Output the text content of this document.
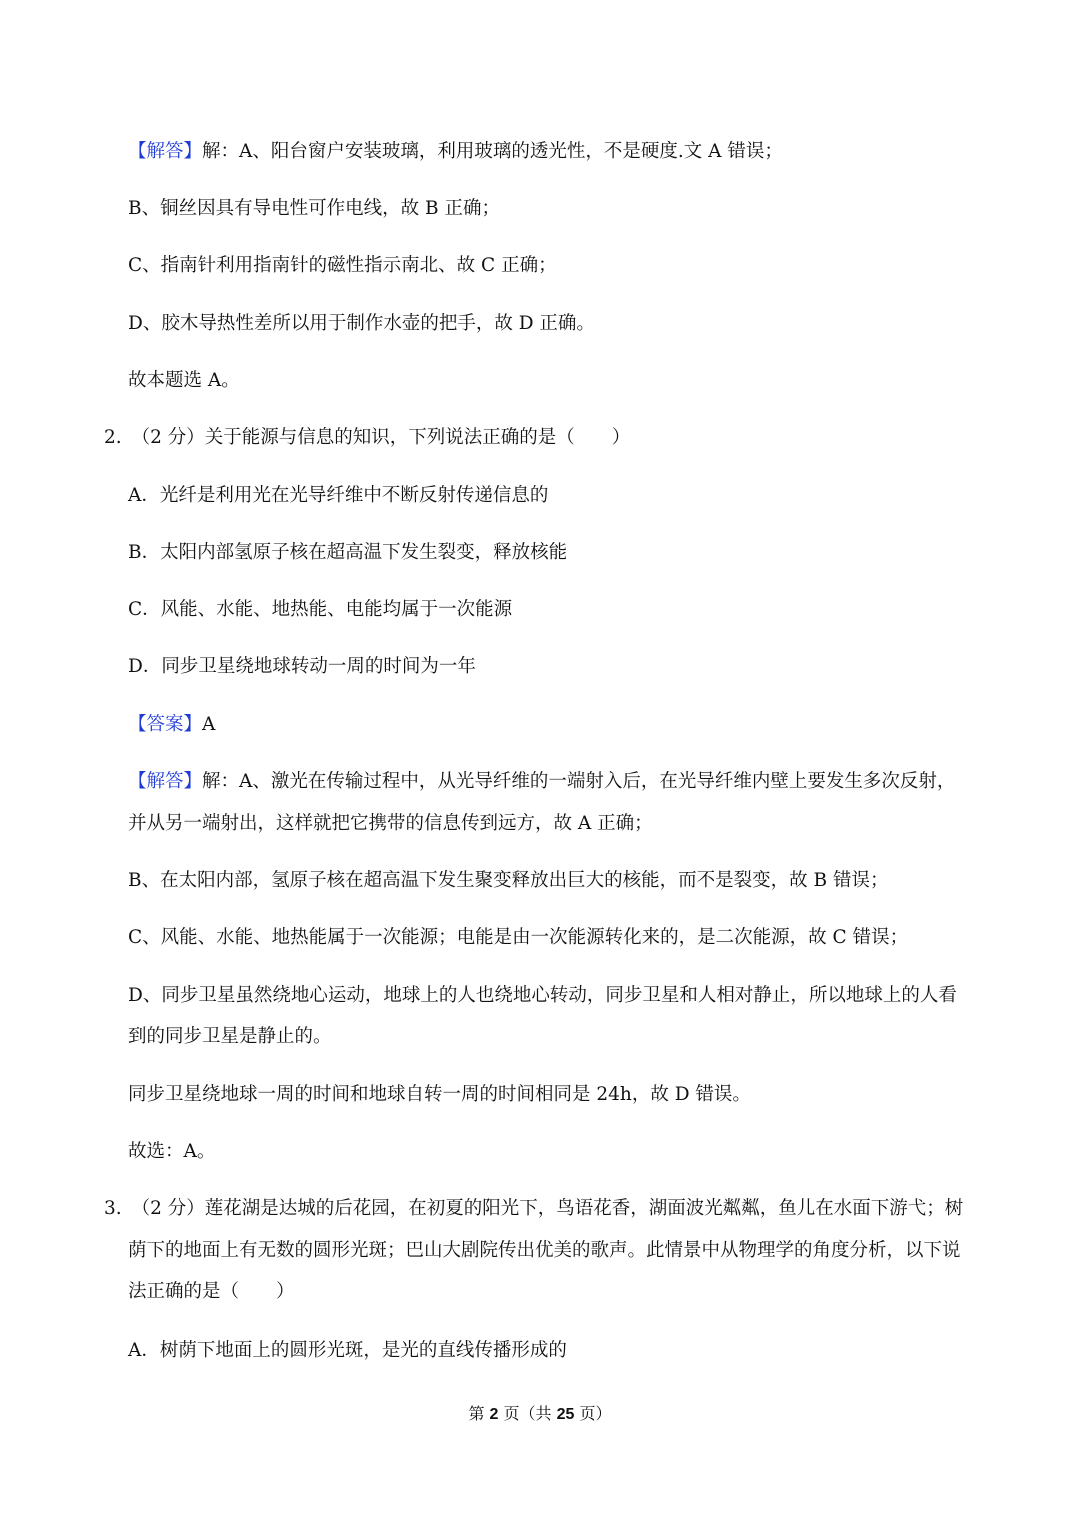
【解答】解：A、阳台窗户安装玻璃，利用玻璃的透光性，不是硬度.文 A 错误；
B、铜丝因具有导电性可作电线，故 B 正确；
C、指南针利用指南针的磁性指示南北、故 C 正确；
D、胶木导热性差所以用于制作水壶的把手，故 D 正确。
故本题选 A。
2. （2 分）关于能源与信息的知识，下列说法正确的是（　　）
A．光纤是利用光在光导纤维中不断反射传递信息的
B．太阳内部氢原子核在超高温下发生裂变，释放核能
C．风能、水能、地热能、电能均属于一次能源
D．同步卫星绕地球转动一周的时间为一年
【答案】A
【解答】解：A、激光在传输过程中，从光导纤维的一端射入后，在光导纤维内壁上要发生多次反射，
并从另一端射出，这样就把它携带的信息传到远方，故 A 正确；
B、在太阳内部，氢原子核在超高温下发生聚变释放出巨大的核能，而不是裂变，故 B 错误；
C、风能、水能、地热能属于一次能源；电能是由一次能源转化来的，是二次能源，故 C 错误；
D、同步卫星虽然绕地心运动，地球上的人也绕地心转动，同步卫星和人相对静止，所以地球上的人看
到的同步卫星是静止的。
同步卫星绕地球一周的时间和地球自转一周的时间相同是 24h，故 D 错误。
故选：A。
3. （2 分）莲花湖是达城的后花园，在初夏的阳光下，鸟语花香，湖面波光粼粼，鱼儿在水面下游弋；树
荫下的地面上有无数的圆形光斑；巴山大剧院传出优美的歌声。此情景中从物理学的角度分析，以下说
法正确的是（　　）
A．树荫下地面上的圆形光斑，是光的直线传播形成的
第 2 页（共 25 页）
